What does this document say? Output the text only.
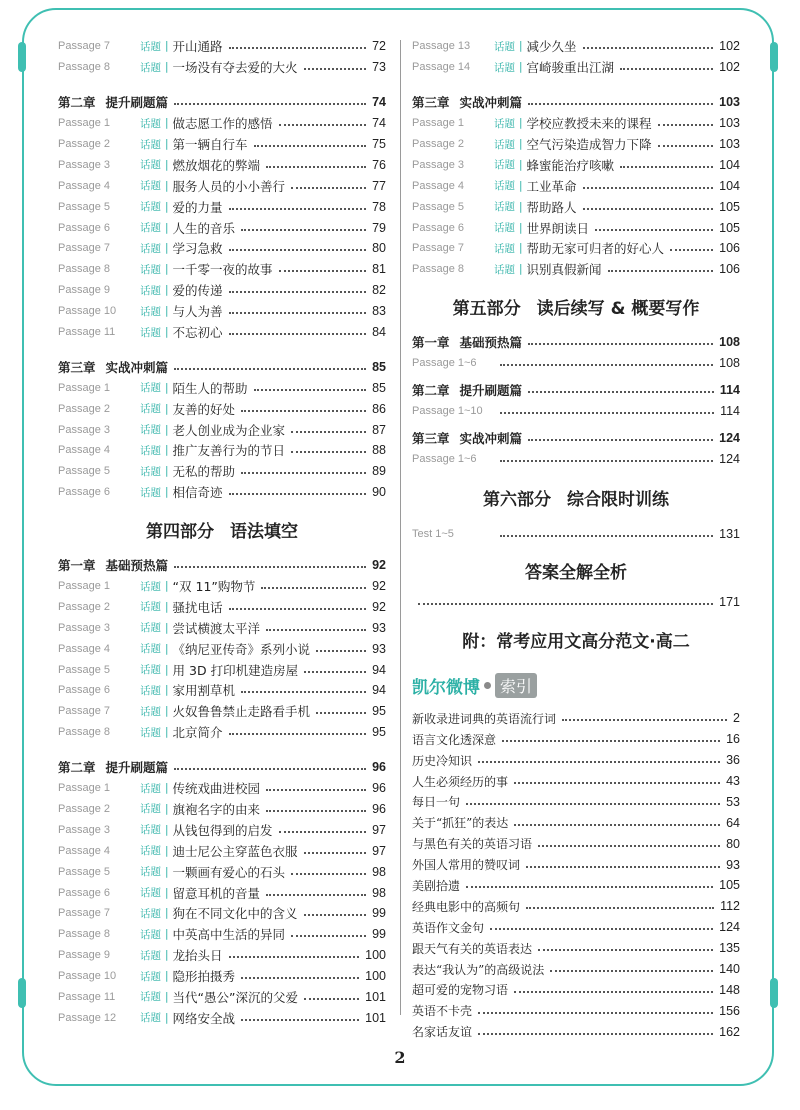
Passage 7	话题 | 开山通路	72
Passage 8	话题 | 一场没有夺去爱的大火	73
第二章 提升刷题篇	74
Passage 1	话题 | 做志愿工作的感悟	74
Passage 2	话题 | 第一辆自行车	75
Passage 3	话题 | 燃放烟花的弊端	76
Passage 4	话题 | 服务人员的小小善行	77
Passage 5	话题 | 爱的力量	78
Passage 6	话题 | 人生的音乐	79
Passage 7	话题 | 学习急救	80
Passage 8	话题 | 一千零一夜的故事	81
Passage 9	话题 | 爱的传递	82
Passage 10	话题 | 与人为善	83
Passage 11	话题 | 不忘初心	84
第三章 实战冲刺篇	85
Passage 1	话题 | 陌生人的帮助	85
Passage 2	话题 | 友善的好处	86
Passage 3	话题 | 老人创业成为企业家	87
Passage 4	话题 | 推广友善行为的节日	88
Passage 5	话题 | 无私的帮助	89
Passage 6	话题 | 相信奇迹	90
第四部分 语法填空
第一章 基础预热篇	92
Passage 1	话题 | “双 11”购物节	92
Passage 2	话题 | 骚扰电话	92
Passage 3	话题 | 尝试横渡太平洋	93
Passage 4	话题 | 《纳尼亚传奇》系列小说	93
Passage 5	话题 | 用 3D 打印机建造房屋	94
Passage 6	话题 | 家用割草机	94
Passage 7	话题 | 火奴鲁鲁禁止走路看手机	95
Passage 8	话题 | 北京简介	95
第二章 提升刷题篇	96
Passage 1	话题 | 传统戏曲进校园	96
Passage 2	话题 | 旗袍名字的由来	96
Passage 3	话题 | 从钱包得到的启发	97
Passage 4	话题 | 迪士尼公主穿蓝色衣服	97
Passage 5	话题 | 一颗画有爱心的石头	98
Passage 6	话题 | 留意耳机的音量	98
Passage 7	话题 | 狗在不同文化中的含义	99
Passage 8	话题 | 中英高中生活的异同	99
Passage 9	话题 | 龙抬头日	100
Passage 10	话题 | 隐形拍摄秀	100
Passage 11	话题 | 当代“愚公”深沉的父爱	101
Passage 12	话题 | 网络安全战	101
Passage 13	话题 | 减少久坐	102
Passage 14	话题 | 宫崎骏重出江湖	102
第三章 实战冲刺篇	103
Passage 1	话题 | 学校应教授未来的课程	103
Passage 2	话题 | 空气污染造成智力下降	103
Passage 3	话题 | 蜂蜜能治疗咳嗽	104
Passage 4	话题 | 工业革命	104
Passage 5	话题 | 帮助路人	105
Passage 6	话题 | 世界朗读日	105
Passage 7	话题 | 帮助无家可归者的好心人	106
Passage 8	话题 | 识别真假新闻	106
第五部分 读后续写 & 概要写作
第一章 基础预热篇	108
Passage 1~6	108
第二章 提升刷题篇	114
Passage 1~10	114
第三章 实战冲刺篇	124
Passage 1~6	124
第六部分 综合限时训练
Test 1~5	131
答案全解全析
171
附：常考应用文高分范文·高二
凯尔微博	索引
新收录进词典的英语流行词	2
语言文化透深意	16
历史冷知识	36
人生必须经历的事	43
每日一句	53
关于“抓狂”的表达	64
与黑色有关的英语习语	80
外国人常用的赞叹词	93
美剧拾遗	105
经典电影中的高频句	112
英语作文金句	124
跟天气有关的英语表达	135
表达“我认为”的高级说法	140
超可爱的宠物习语	148
英语不卡壳	156
名家话友谊	162
2
